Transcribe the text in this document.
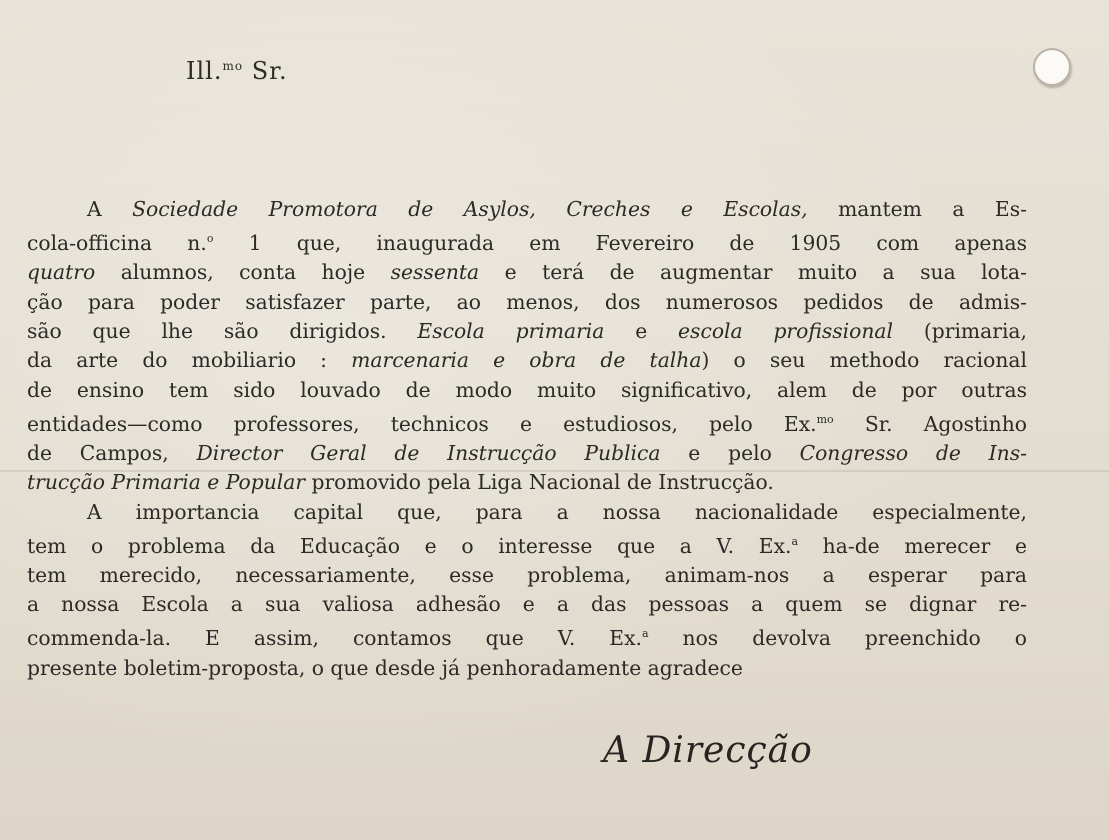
Ill.$^{mo}$ Sr.
A Sociedade Promotora de Asylos, Creches e Escolas, mantem a Es-
cola-officina n.$^o$ 1 que, inaugurada em Fevereiro de 1905 com apenas
quatro alumnos, conta hoje sessenta e terá de augmentar muito a sua lota-
ção para poder satisfazer parte, ao menos, dos numerosos pedidos de admis-
são que lhe são dirigidos. Escola primaria e escola profissional (primaria,
da arte do mobiliario : marcenaria e obra de talha) o seu methodo racional
de ensino tem sido louvado de modo muito significativo, alem de por outras
entidades—como professores, technicos e estudiosos, pelo Ex.$^{mo}$ Sr. Agostinho
de Campos, Director Geral de Instrucção Publica e pelo Congresso de Ins-
trucção Primaria e Popular promovido pela Liga Nacional de Instrucção.
A importancia capital que, para a nossa nacionalidade especialmente,
tem o problema da Educação e o interesse que a V. Ex.$^a$ ha-de merecer e
tem merecido, necessariamente, esse problema, animam-nos a esperar para
a nossa Escola a sua valiosa adhesão e a das pessoas a quem se dignar re-
commenda-la. E assim, contamos que V. Ex.$^a$ nos devolva preenchido o
presente boletim-proposta, o que desde já penhoradamente agradece
A Direcção
